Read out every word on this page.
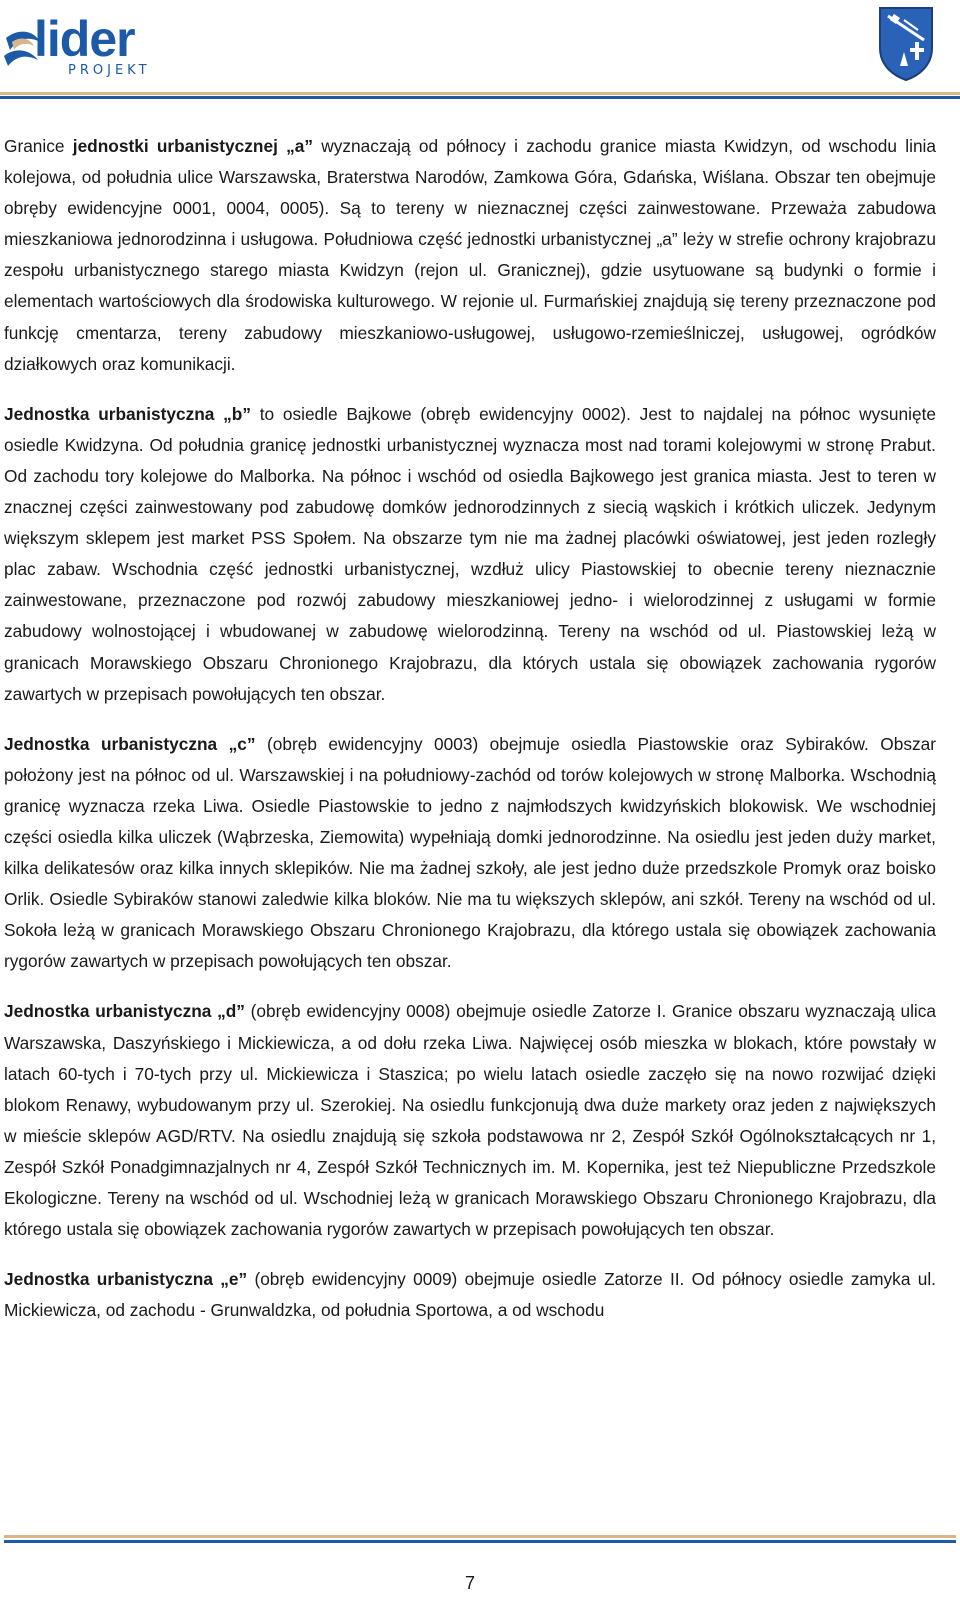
lider
PROJEKT

Granice jednostki urbanistycznej „a” wyznaczają od północy i zachodu granice miasta Kwidzyn, od wschodu linia kolejowa, od południa ulice Warszawska, Braterstwa Narodów, Zamkowa Góra, Gdańska, Wiślana. Obszar ten obejmuje obręby ewidencyjne 0001, 0004, 0005). Są to tereny w nieznacznej części zainwestowane. Przeważa zabudowa mieszkaniowa jednorodzinna i usługowa. Południowa część jednostki urbanistycznej „a” leży w strefie ochrony krajobrazu zespołu urbanistycznego starego miasta Kwidzyn (rejon ul. Granicznej), gdzie usytuowane są budynki o formie i elementach wartościowych dla środowiska kulturowego. W rejonie ul. Furmańskiej znajdują się tereny przeznaczone pod funkcję cmentarza, tereny zabudowy mieszkaniowo-usługowej, usługowo-rzemieślniczej, usługowej, ogródków działkowych oraz komunikacji.

Jednostka urbanistyczna „b” to osiedle Bajkowe (obręb ewidencyjny 0002). Jest to najdalej na północ wysunięte osiedle Kwidzyna. Od południa granicę jednostki urbanistycznej wyznacza most nad torami kolejowymi w stronę Prabut. Od zachodu tory kolejowe do Malborka. Na północ i wschód od osiedla Bajkowego jest granica miasta. Jest to teren w znacznej części zainwestowany pod zabudowę domków jednorodzinnych z siecią wąskich i krótkich uliczek. Jedynym większym sklepem jest market PSS Społem. Na obszarze tym nie ma żadnej placówki oświatowej, jest jeden rozległy plac zabaw. Wschodnia część jednostki urbanistycznej, wzdłuż ulicy Piastowskiej to obecnie tereny nieznacznie zainwestowane, przeznaczone pod rozwój zabudowy mieszkaniowej jedno- i wielorodzinnej z usługami w formie zabudowy wolnostojącej i wbudowanej w zabudowę wielorodzinną. Tereny na wschód od ul. Piastowskiej leżą w granicach Morawskiego Obszaru Chronionego Krajobrazu, dla których ustala się obowiązek zachowania rygorów zawartych w przepisach powołujących ten obszar.

Jednostka urbanistyczna „c” (obręb ewidencyjny 0003) obejmuje osiedla Piastowskie oraz Sybiraków. Obszar położony jest na północ od ul. Warszawskiej i na południowy-zachód od torów kolejowych w stronę Malborka. Wschodnią granicę wyznacza rzeka Liwa. Osiedle Piastowskie to jedno z najmłodszych kwidzyńskich blokowisk. We wschodniej części osiedla kilka uliczek (Wąbrzeska, Ziemowita) wypełniają domki jednorodzinne. Na osiedlu jest jeden duży market, kilka delikatesów oraz kilka innych sklepików. Nie ma żadnej szkoły, ale jest jedno duże przedszkole Promyk oraz boisko Orlik. Osiedle Sybiraków stanowi zaledwie kilka bloków. Nie ma tu większych sklepów, ani szkół. Tereny na wschód od ul. Sokoła leżą w granicach Morawskiego Obszaru Chronionego Krajobrazu, dla którego ustala się obowiązek zachowania rygorów zawartych w przepisach powołujących ten obszar.

Jednostka urbanistyczna „d” (obręb ewidencyjny 0008) obejmuje osiedle Zatorze I. Granice obszaru wyznaczają ulica Warszawska, Daszyńskiego i Mickiewicza, a od dołu rzeka Liwa. Najwięcej osób mieszka w blokach, które powstały w latach 60-tych i 70-tych przy ul. Mickiewicza i Staszica; po wielu latach osiedle zaczęło się na nowo rozwijać dzięki blokom Renawy, wybudowanym przy ul. Szerokiej. Na osiedlu funkcjonują dwa duże markety oraz jeden z największych w mieście sklepów AGD/RTV. Na osiedlu znajdują się szkoła podstawowa nr 2, Zespół Szkół Ogólnokształcących nr 1, Zespół Szkół Ponadgimnazjalnych nr 4, Zespół Szkół Technicznych im. M. Kopernika, jest też Niepubliczne Przedszkole Ekologiczne. Tereny na wschód od ul. Wschodniej leżą w granicach Morawskiego Obszaru Chronionego Krajobrazu, dla którego ustala się obowiązek zachowania rygorów zawartych w przepisach powołujących ten obszar.

Jednostka urbanistyczna „e” (obręb ewidencyjny 0009) obejmuje osiedle Zatorze II. Od północy osiedle zamyka ul. Mickiewicza, od zachodu - Grunwaldzka, od południa Sportowa, a od wschodu

7
